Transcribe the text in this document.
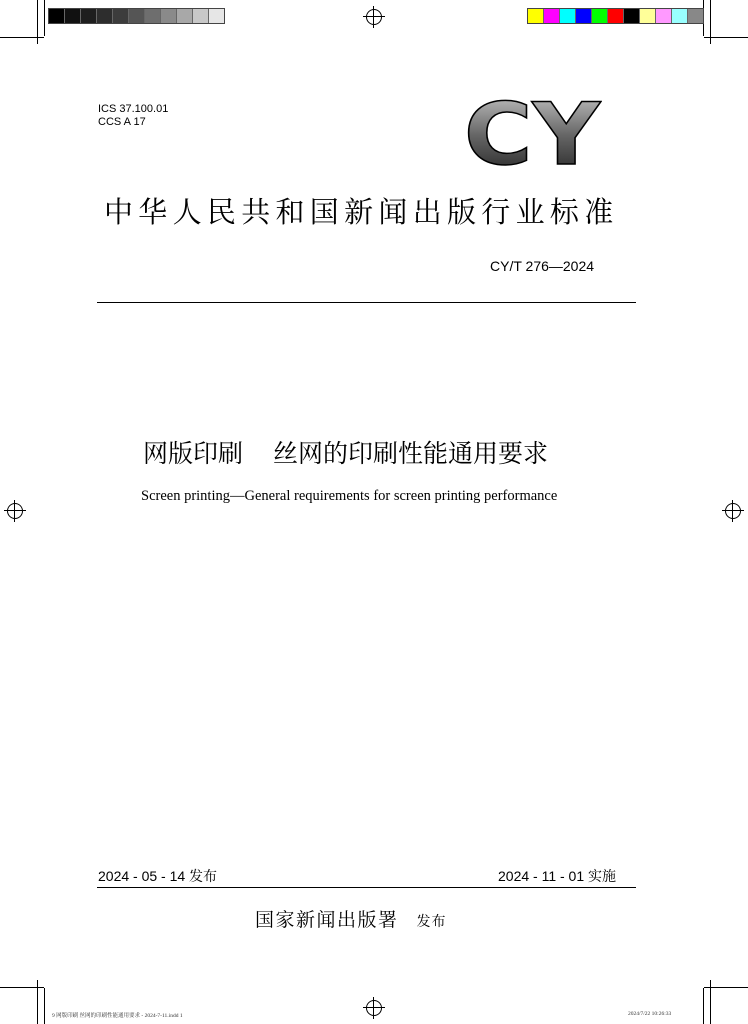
ICS 37.100.01
CCS A 17	CY
中华人民共和国新闻出版行业标准
CY/T 276—2024
网版印刷 丝网的印刷性能通用要求
Screen printing—General requirements for screen printing performance
2024 - 05 - 14 发布	2024 - 11 - 01 实施
国家新闻出版署 发布
9 网版印刷 丝网的印刷性能通用要求 - 2024-7-11.indd 1	2024/7/22 10:26:33
